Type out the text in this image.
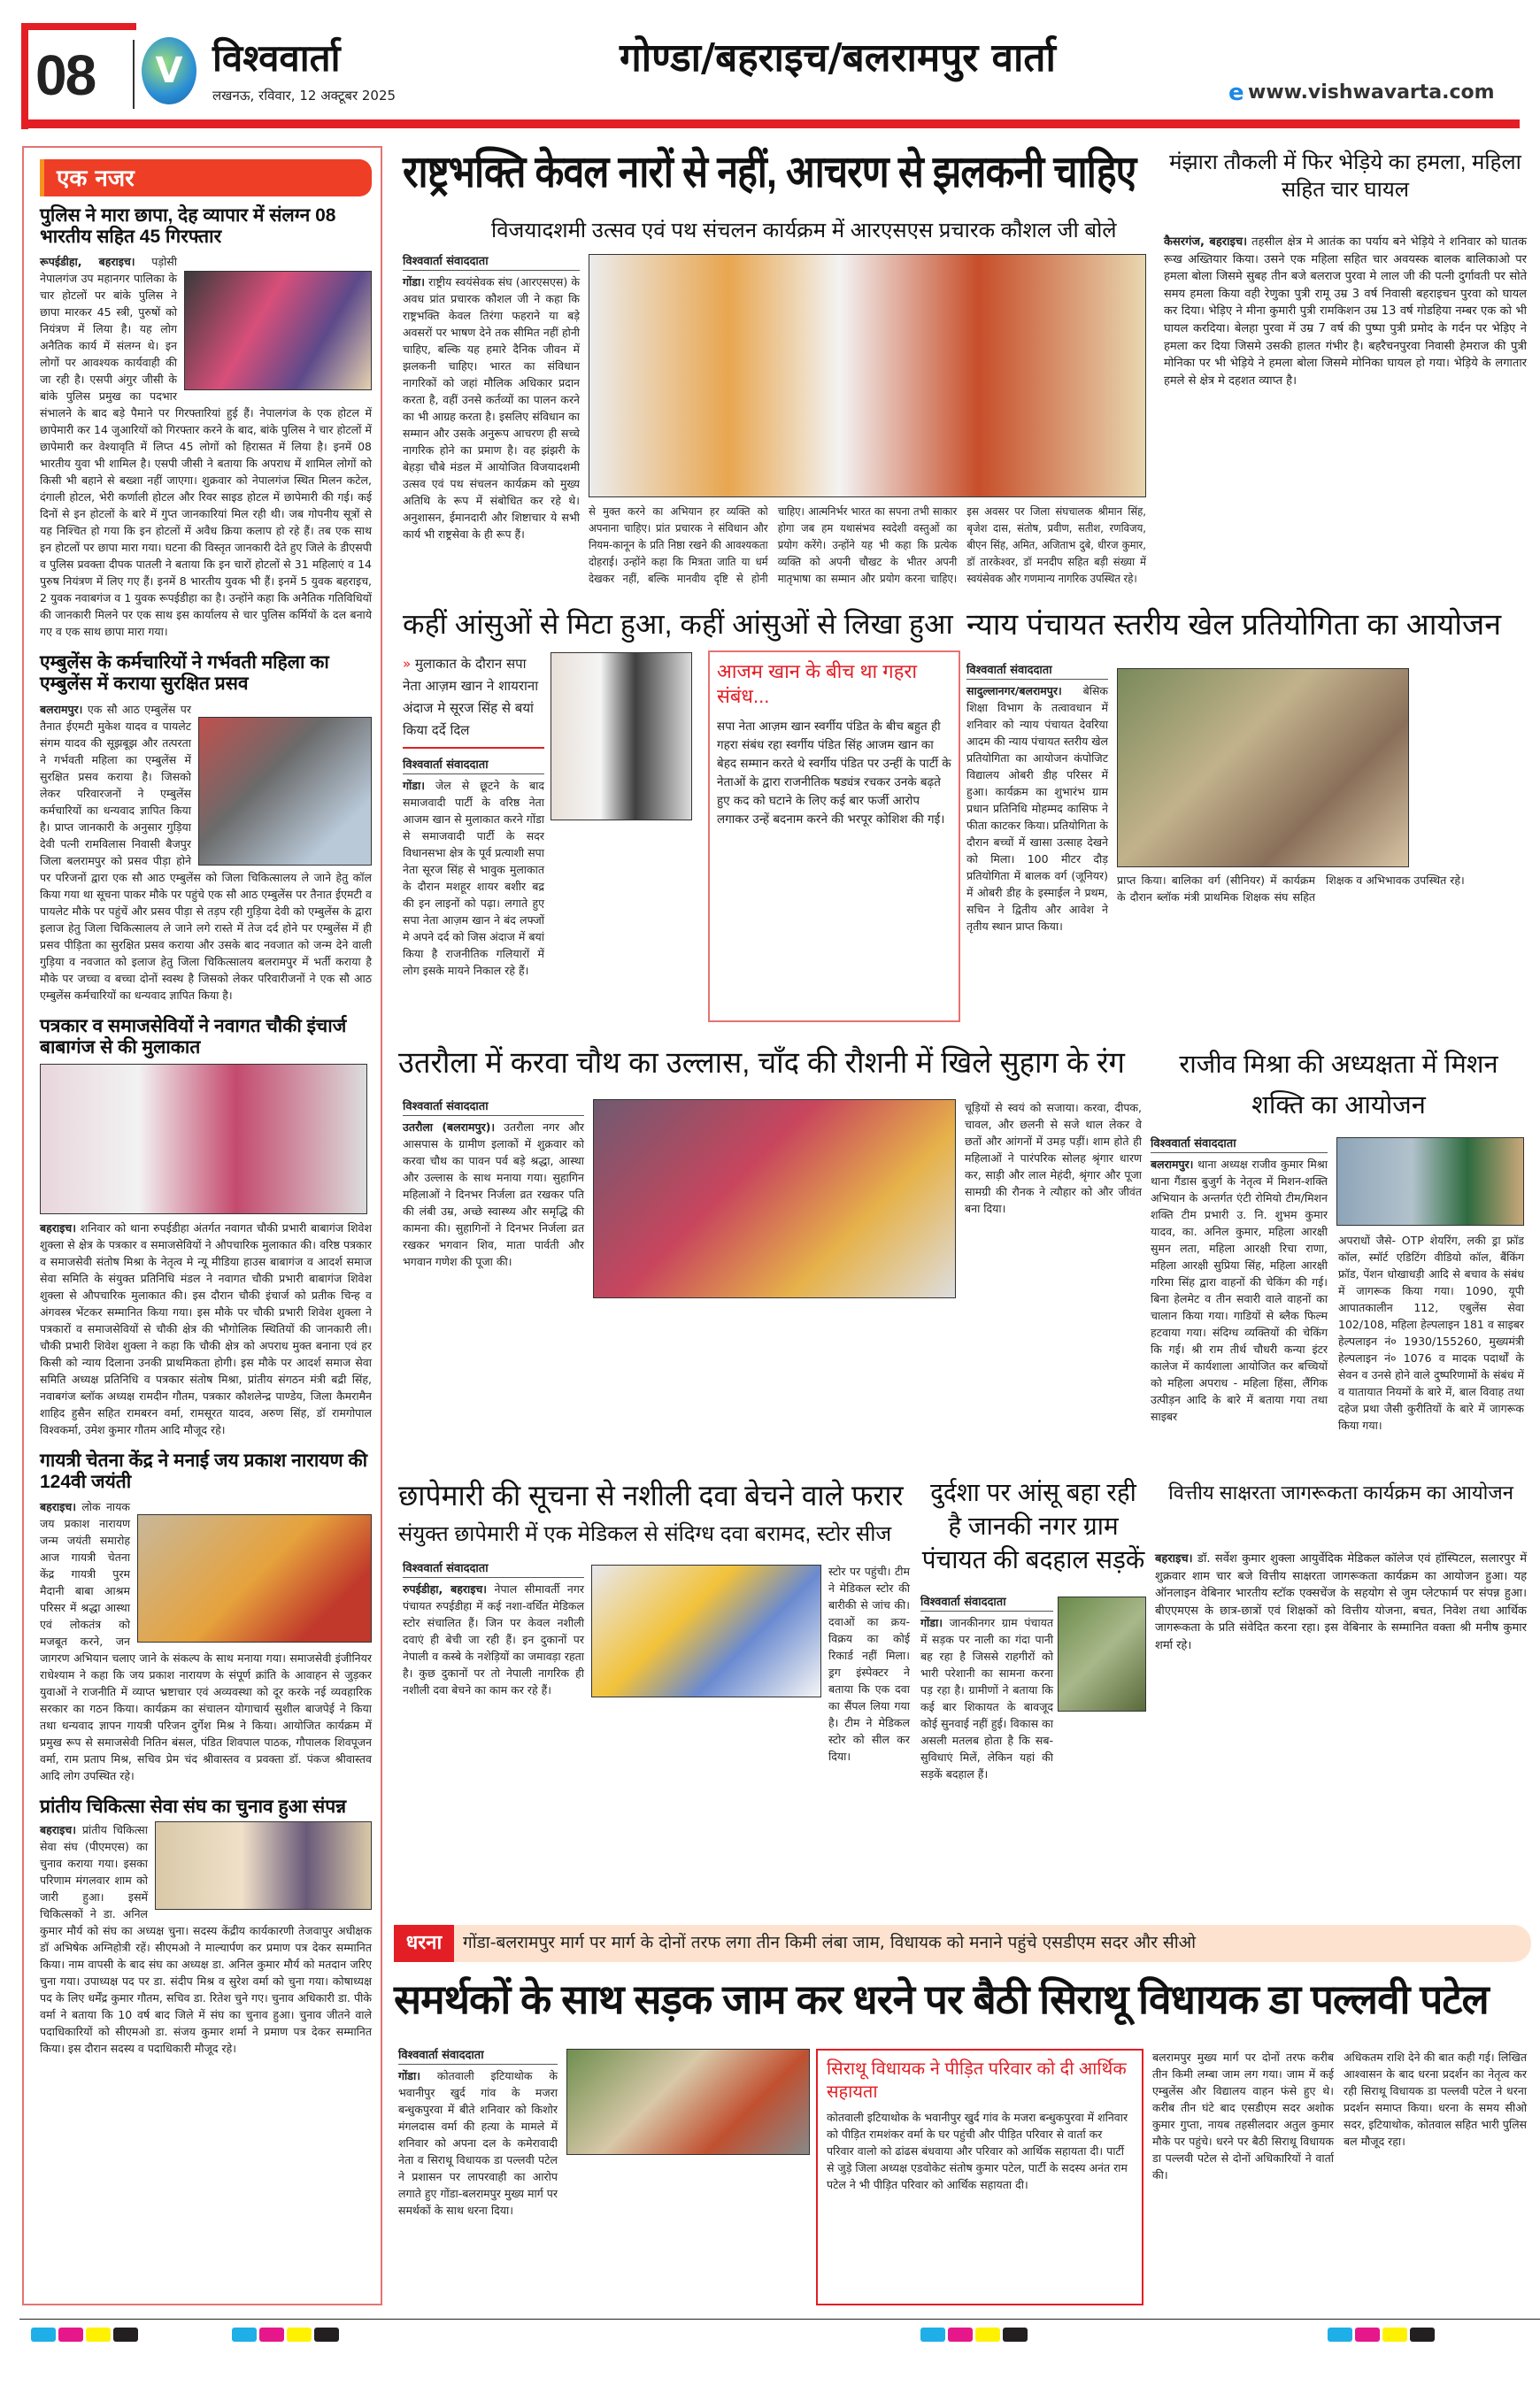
08	V विश्ववार्ता
लखनऊ, रविवार, 12 अक्टूबर 2025
गोण्डा/बहराइच/बलरामपुर वार्ता
e www.vishwavarta.com
एक नजर
पुलिस ने मारा छापा, देह व्यापार में संलग्न 08 भारतीय सहित 45 गिरफ्तार

रूपईडीहा, बहराइच। पड़ोसी नेपालगंज उप महानगर पालिका के चार होटलों पर बांके पुलिस ने छापा मारकर 45 स्त्री, पुरुषों को नियंत्रण में लिया है। यह लोग अनैतिक कार्य में संलग्न थे। इन लोगों पर आवश्यक कार्यवाही की जा रही है। एसपी अंगुर जीसी के बांके पुलिस प्रमुख का पदभार संभालने के बाद बड़े पैमाने पर गिरफ्तारियां हुई हैं। नेपालगंज के एक होटल में छापेमारी कर 14 जुआरियों को गिरफ्तार करने के बाद, बांके पुलिस ने चार होटलों में छापेमारी कर वेश्यावृति में लिप्त 45 लोगों को हिरासत में लिया है। इनमें 08 भारतीय युवा भी शामिल है। एसपी जीसी ने बताया कि अपराध में शामिल लोगों को किसी भी बहाने से बख्शा नहीं जाएगा। शुक्रवार को नेपालगंज स्थित मिलन कटेल, दंगाली होटल, भेरी कर्णाली होटल और रिवर साइड होटल में छापेमारी की गई। कई दिनों से इन होटलों के बारे में गुप्त जानकारियां मिल रही थी। जब गोपनीय सूत्रों से यह निश्चित हो गया कि इन होटलों में अवैध क्रिया कलाप हो रहे हैं। तब एक साथ इन होटलों पर छापा मारा गया। घटना की विस्तृत जानकारी देते हुए जिले के डीएसपी व पुलिस प्रवक्ता दीपक पातली ने बताया कि इन चारों होटलों से 31 महिलाएं व 14 पुरुष नियंत्रण में लिए गए हैं। इनमें 8 भारतीय युवक भी हैं। इनमें 5 युवक बहराइच, 2 युवक नवाबगंज व 1 युवक रूपईडीहा का है। उन्होंने कहा कि अनैतिक गतिविधियों की जानकारी मिलने पर एक साथ इस कार्यालय से चार पुलिस कर्मियों के दल बनाये गए व एक साथ छापा मारा गया।

एम्बुलेंस के कर्मचारियों ने गर्भवती महिला का एम्बुलेंस में कराया सुरक्षित प्रसव

बलरामपुर। एक सौ आठ एम्बुलेंस पर तैनात ईएमटी मुकेश यादव व पायलेट संगम यादव की सूझबूझ और तत्परता ने गर्भवती महिला का एम्बुलेंस में सुरक्षित प्रसव कराया है। जिसको लेकर परिवारजनों ने एम्बुलेंस कर्मचारियों का धन्यवाद ज्ञापित किया है। प्राप्त जानकारी के अनुसार गुड़िया देवी पत्नी रामविलास निवासी बैजपुर जिला बलरामपुर को प्रसव पीड़ा होने पर परिजनों द्वारा एक सौ आठ एम्बुलेंस को जिला चिकित्सालय ले जाने हेतु कॉल किया गया था सूचना पाकर मौके पर पहुंचे एक सौ आठ एम्बुलेंस पर तैनात ईएमटी व पायलेट मौके पर पहुंचें और प्रसव पीड़ा से तड़प रही गुड़िया देवी को एम्बुलेंस के द्वारा इलाज हेतु जिला चिकित्सालय ले जाने लगे रास्ते में तेज दर्द होने पर एम्बुलेंस में ही प्रसव पीड़िता का सुरक्षित प्रसव कराया और उसके बाद नवजात को जन्म देने वाली गुड़िया व नवजात को इलाज हेतु जिला चिकित्सालय बलरामपुर में भर्ती कराया है मौके पर जच्चा व बच्चा दोनों स्वस्थ है जिसको लेकर परिवारीजनों ने एक सौ आठ एम्बुलेंस कर्मचारियों का धन्यवाद ज्ञापित किया है।

पत्रकार व समाजसेवियों ने नवागत चौकी इंचार्ज बाबागंज से की मुलाकात

बहराइच। शनिवार को थाना रुपईडीहा अंतर्गत नवागत चौकी प्रभारी बाबागंज शिवेश शुक्ला से क्षेत्र के पत्रकार व समाजसेवियों ने औपचारिक मुलाकात की। वरिष्ठ पत्रकार व समाजसेवी संतोष मिश्रा के नेतृत्व मे न्यू मीडिया हाउस बाबागंज व आदर्श समाज सेवा समिति के संयुक्त प्रतिनिधि मंडल ने नवागत चौकी प्रभारी बाबागंज शिवेश शुक्ला से औपचारिक मुलाकात की। इस दौरान चौकी इंचार्ज को प्रतीक चिन्ह व अंगवस्त्र भेंटकर सम्मानित किया गया। इस मौके पर चौकी प्रभारी शिवेश शुक्ला ने पत्रकारों व समाजसेवियों से चौकी क्षेत्र की भौगोलिक स्थितियों की जानकारी ली। चौकी प्रभारी शिवेश शुक्ला ने कहा कि चौकी क्षेत्र को अपराध मुक्त बनाना एवं हर किसी को न्याय दिलाना उनकी प्राथमिकता होगी। इस मौके पर आदर्श समाज सेवा समिति अध्यक्ष प्रतिनिधि व पत्रकार संतोष मिश्रा, प्रांतीय संगठन मंत्री बद्री सिंह, नवाबगंज ब्लॉक अध्यक्ष रामदीन गौतम, पत्रकार कौशलेन्द्र पाण्डेय, जिला कैमरामैन शाहिद हुसैन सहित रामबरन वर्मा, रामसूरत यादव, अरुण सिंह, डॉ रामगोपाल विश्वकर्मा, उमेश कुमार गौतम आदि मौजूद रहे।

गायत्री चेतना केंद्र ने मनाई जय प्रकाश नारायण की 124वी जयंती

बहराइच। लोक नायक जय प्रकाश नारायण जन्म जयंती समारोह आज गायत्री चेतना केंद्र गायत्री पुरम मैदानी बाबा आश्रम परिसर में श्रद्धा आस्था एवं लोकतंत्र को मजबूत करने, जन जागरण अभियान चलाए जाने के संकल्प के साथ मनाया गया। समाजसेवी इंजीनियर राधेश्याम ने कहा कि जय प्रकाश नारायण के संपूर्ण क्रांति के आवाहन से जुड़कर युवाओं ने राजनीति में व्याप्त भ्रष्टाचार एवं अव्यवस्था को दूर करके नई व्यवहारिक सरकार का गठन किया। कार्यक्रम का संचालन योगाचार्य सुशील बाजपेई ने किया तथा धन्यवाद ज्ञापन गायत्री परिजन दुर्गेश मिश्र ने किया। आयोजित कार्यक्रम में प्रमुख रूप से समाजसेवी नितिन बंसल, पंडित शिवपाल पाठक, गौपालक शिवपूजन वर्मा, राम प्रताप मिश्र, सचिव प्रेम चंद श्रीवास्तव व प्रवक्ता डॉ. पंकज श्रीवास्तव आदि लोग उपस्थित रहे।

प्रांतीय चिकित्सा सेवा संघ का चुनाव हुआ संपन्न

बहराइच। प्रांतीय चिकित्सा सेवा संघ (पीएमएस) का चुनाव कराया गया। इसका परिणाम मंगलवार शाम को जारी हुआ। इसमें चिकित्सकों ने डा. अनिल कुमार मौर्य को संघ का अध्यक्ष चुना। सदस्य केंद्रीय कार्यकारणी तेजवापुर अधीक्षक डॉ अभिषेक अग्निहोत्री रहें। सीएमओ ने माल्यार्पण कर प्रमाण पत्र देकर सम्मानित किया। नाम वापसी के बाद संघ का अध्यक्ष डा. अनिल कुमार मौर्य को मतदान जरिए चुना गया। उपाध्यक्ष पद पर डा. संदीप मिश्र व सुरेश वर्मा को चुना गया। कोषाध्यक्ष पद के लिए धर्मेंद्र कुमार गौतम, सचिव डा. रितेश चुने गए। चुनाव अधिकारी डा. पीके वर्मा ने बताया कि 10 वर्ष बाद जिले में संघ का चुनाव हुआ। चुनाव जीतने वाले पदाधिकारियों को सीएमओ डा. संजय कुमार शर्मा ने प्रमाण पत्र देकर सम्मानित किया। इस दौरान सदस्य व पदाधिकारी मौजूद रहे।

राष्ट्रभक्ति केवल नारों से नहीं, आचरण से झलकनी चाहिए
विजयादशमी उत्सव एवं पथ संचलन कार्यक्रम में आरएसएस प्रचारक कौशल जी बोले
विश्ववार्ता संवाददाता

गोंडा। राष्ट्रीय स्वयंसेवक संघ (आरएसएस) के अवध प्रांत प्रचारक कौशल जी ने कहा कि राष्ट्रभक्ति केवल तिरंगा फहराने या बड़े अवसरों पर भाषण देने तक सीमित नहीं होनी चाहिए, बल्कि यह हमारे दैनिक जीवन में झलकनी चाहिए। भारत का संविधान नागरिकों को जहां मौलिक अधिकार प्रदान करता है, वहीं उनसे कर्तव्यों का पालन करने का भी आग्रह करता है। इसलिए संविधान का सम्मान और उसके अनुरूप आचरण ही सच्चे नागरिक होने का प्रमाण है। वह झंझरी के बेहड़ा चौबे मंडल में आयोजित विजयादशमी उत्सव एवं पथ संचलन कार्यक्रम को मुख्य अतिथि के रूप में संबोधित कर रहे थे। अनुशासन, ईमानदारी और शिष्टाचार ये सभी कार्य भी राष्ट्रसेवा के ही रूप हैं।

से मुक्त करने का अभियान हर व्यक्ति को अपनाना चाहिए। प्रांत प्रचारक ने संविधान और नियम-कानून के प्रति निष्ठा रखने की आवश्यकता दोहराई। उन्होंने कहा कि मित्रता जाति या धर्म देखकर नहीं, बल्कि मानवीय दृष्टि से होनी चाहिए। आत्मनिर्भर भारत का सपना तभी साकार होगा जब हम यथासंभव स्वदेशी वस्तुओं का प्रयोग करेंगे। उन्होंने यह भी कहा कि प्रत्येक व्यक्ति को अपनी चौखट के भीतर अपनी मातृभाषा का सम्मान और प्रयोग करना चाहिए। इस अवसर पर जिला संघचालक श्रीमान सिंह, बृजेश दास, संतोष, प्रवीण, सतीश, रणविजय, बीएन सिंह, अमित, अजिताभ दुबे, धीरज कुमार, डॉ तारकेश्वर, डॉ मनदीप सहित बड़ी संख्या में स्वयंसेवक और गणमान्य नागरिक उपस्थित रहे।

मंझारा तौकली में फिर भेड़िये का हमला, महिला सहित चार घायल

कैसरगंज, बहराइच। तहसील क्षेत्र मे आतंक का पर्याय बने भेड़िये ने शनिवार को घातक रूख अख्तियार किया। उसने एक महिला सहित चार अवयस्क बालक बालिकाओ पर हमला बोला जिसमे सुबह तीन बजे बलराज पुरवा मे लाल जी की पत्नी दुर्गावती पर सोते समय हमला किया वही रेणुका पुत्री रामू उम्र 3 वर्ष निवासी बहराइचन पुरवा को घायल कर दिया। भेड़िए ने मीना कुमारी पुत्री रामकिशन उम्र 13 वर्ष गोडहिया नम्बर एक को भी घायल करदिया। बेलहा पुरवा में उम्र 7 वर्ष की पुष्पा पुत्री प्रमोद के गर्दन पर भेड़िए ने हमला कर दिया जिसमे उसकी हालत गंभीर है। बहरैचनपुरवा निवासी हेमराज की पुत्री मोनिका पर भी भेड़िये ने हमला बोला जिसमे मोनिका घायल हो गया। भेड़िये के लगातार हमले से क्षेत्र मे दहशत व्याप्त है।

कहीं आंसुओं से मिटा हुआ, कहीं आंसुओं से लिखा हुआ

» मुलाकात के दौरान सपा नेता आज़म खान ने शायराना अंदाज मे सूरज सिंह से बयां किया दर्दे दिल

विश्ववार्ता संवाददाता

गोंडा। जेल से छूटने के बाद समाजवादी पार्टी के वरिष्ठ नेता आजम खान से मुलाकात करने गोंडा से समाजवादी पार्टी के सदर विधानसभा क्षेत्र के पूर्व प्रत्याशी सपा नेता सूरज सिंह से भावुक मुलाकात के दौरान मशहूर शायर बशीर बद्र की इन लाइनों को पढ़ा। लगाते हुए सपा नेता आज़म खान ने बंद लफ्जों मे अपने दर्द को जिस अंदाज में बयां किया है राजनीतिक गलियारों में लोग इसके मायने निकाल रहे हैं।

आजम खान के बीच था गहरा संबंध...

सपा नेता आज़म खान स्वर्गीय पंडित के बीच बहुत ही गहरा संबंध रहा स्वर्गीय पंडित सिंह आजम खान का बेहद सम्मान करते थे स्वर्गीय पंडित पर उन्हीं के पार्टी के नेताओं के द्वारा राजनीतिक षड्यंत्र रचकर उनके बढ़ते हुए कद को घटाने के लिए कई बार फर्जी आरोप लगाकर उन्हें बदनाम करने की भरपूर कोशिश की गई।

न्याय पंचायत स्तरीय खेल प्रतियोगिता का आयोजन
विश्ववार्ता संवाददाता

सादुल्लानगर/बलरामपुर। बेसिक शिक्षा विभाग के तत्वावधान में शनिवार को न्याय पंचायत देवरिया आदम की न्याय पंचायत स्तरीय खेल प्रतियोगिता का आयोजन कंपोजिट विद्यालय ओबरी डीह परिसर में हुआ। कार्यक्रम का शुभारंभ ग्राम प्रधान प्रतिनिधि मोहम्मद कासिफ ने फीता काटकर किया। प्रतियोगिता के दौरान बच्चों में खासा उत्साह देखने को मिला। 100 मीटर दौड़ प्रतियोगिता में बालक वर्ग (जूनियर) में ओबरी डीह के इस्माईल ने प्रथम, सचिन ने द्वितीय और आवेश ने तृतीय स्थान प्राप्त किया।

प्राप्त किया। बालिका वर्ग (सीनियर) में कार्यक्रम के दौरान ब्लॉक मंत्री प्राथमिक शिक्षक संघ सहित शिक्षक व अभिभावक उपस्थित रहे।

उतरौला में करवा चौथ का उल्लास, चाँद की रौशनी में खिले सुहाग के रंग
विश्ववार्ता संवाददाता

उतरौला (बलरामपुर)। उतरौला नगर और आसपास के ग्रामीण इलाकों में शुक्रवार को करवा चौथ का पावन पर्व बड़े श्रद्धा, आस्था और उल्लास के साथ मनाया गया। सुहागिन महिलाओं ने दिनभर निर्जला व्रत रखकर पति की लंबी उम्र, अच्छे स्वास्थ्य और समृद्धि की कामना की। सुहागिनों ने दिनभर निर्जला व्रत रखकर भगवान शिव, माता पार्वती और भगवान गणेश की पूजा की।

चूड़ियों से स्वयं को सजाया। करवा, दीपक, चावल, और छलनी से सजे थाल लेकर वे छतों और आंगनों में उमड़ पड़ीं। शाम होते ही महिलाओं ने पारंपरिक सोलह श्रृंगार धारण कर, साड़ी और लाल मेहंदी, श्रृंगार और पूजा सामग्री की रौनक ने त्यौहार को और जीवंत बना दिया।

राजीव मिश्रा की अध्यक्षता में मिशन शक्ति का आयोजन
विश्ववार्ता संवाददाता

बलरामपुर। थाना अध्यक्ष राजीव कुमार मिश्रा थाना गैंडास बुजुर्ग के नेतृत्व में मिशन-शक्ति अभियान के अन्तर्गत एंटी रोमियो टीम/मिशन शक्ति टीम प्रभारी उ. नि. शुभम कुमार यादव, का. अनिल कुमार, महिला आरक्षी सुमन लता, महिला आरक्षी रिचा राणा, महिला आरक्षी सुप्रिया सिंह, महिला आरक्षी गरिमा सिंह द्वारा वाहनों की चेकिंग की गई। बिना हेलमेट व तीन सवारी वाले वाहनों का चालान किया गया। गाडियों से ब्लैक फिल्म हटवाया गया। संदिग्ध व्यक्तियों की चेकिंग कि गई। श्री राम तीर्थ चौधरी कन्या इंटर कालेज में कार्यशाला आयोजित कर बच्चियों को महिला अपराध - महिला हिंसा, लैंगिक उत्पीड़न आदि के बारे में बताया गया तथा साइबर

अपराधों जैसे- OTP शेयरिंग, लकी ड्रा फ्रॉड कॉल, स्मॉर्ट एडिटिंग वीडियो कॉल, बैंकिंग फ्रॉड, पेंशन धोखाधड़ी आदि से बचाव के संबंध में जागरूक किया गया। 1090, यूपी आपातकालीन 112, एबुलेंस सेवा 102/108, महिला हेल्पलाइन 181 व साइबर हेल्पलाइन नं० 1930/155260, मुख्यमंत्री हेल्पलाइन नं० 1076 व मादक पदार्थों के सेवन व उनसे होने वाले दुष्परिणामों के संबंध में व यातायात नियमों के बारे में, बाल विवाह तथा दहेज प्रथा जैसी कुरीतियों के बारे में जागरूक किया गया।

छापेमारी की सूचना से नशीली दवा बेचने वाले फरार
संयुक्त छापेमारी में एक मेडिकल से संदिग्ध दवा बरामद, स्टोर सीज
विश्ववार्ता संवाददाता

रुपईडीहा, बहराइच। नेपाल सीमावर्ती नगर पंचायत रुपईडीहा में कई नशा-वर्धित मेडिकल स्टोर संचालित हैं। जिन पर केवल नशीली दवाएं ही बेची जा रही हैं। इन दुकानों पर नेपाली व कस्बे के नशेड़ियों का जमावड़ा रहता है। कुछ दुकानों पर तो नेपाली नागरिक ही नशीली दवा बेचने का काम कर रहे हैं।

स्टोर पर पहुंची। टीम ने मेडिकल स्टोर की बारीकी से जांच की। दवाओं का क्रय-विक्रय का कोई रिकार्ड नहीं मिला। ड्रग इंस्पेक्टर ने बताया कि एक दवा का सैंपल लिया गया है। टीम ने मेडिकल स्टोर को सील कर दिया।

दुर्दशा पर आंसू बहा रही है जानकी नगर ग्राम पंचायत की बदहाल सड़कें
विश्ववार्ता संवाददाता

गोंडा। जानकीनगर ग्राम पंचायत में सड़क पर नाली का गंदा पानी बह रहा है जिससे राहगीरों को भारी परेशानी का सामना करना पड़ रहा है। ग्रामीणों ने बताया कि कई बार शिकायत के बावजूद कोई सुनवाई नहीं हुई। विकास का असली मतलब होता है कि सब-सुविधाएं मिलें, लेकिन यहां की सड़कें बदहाल हैं।

वित्तीय साक्षरता जागरूकता कार्यक्रम का आयोजन

बहराइच। डॉ. सर्वेश कुमार शुक्ला आयुर्वेदिक मेडिकल कॉलेज एवं हॉस्पिटल, सलारपुर में शुक्रवार शाम चार बजे वित्तीय साक्षरता जागरूकता कार्यक्रम का आयोजन हुआ। यह ऑनलाइन वेबिनार भारतीय स्टॉक एक्सचेंज के सहयोग से जुम प्लेटफार्म पर संपन्न हुआ। बीएएमएस के छात्र-छात्रों एवं शिक्षकों को वित्तीय योजना, बचत, निवेश तथा आर्थिक जागरूकता के प्रति संवेदित करना रहा। इस वेबिनार के सम्मानित वक्ता श्री मनीष कुमार शर्मा रहे।

धरना	गोंडा-बलरामपुर मार्ग पर मार्ग के दोनों तरफ लगा तीन किमी लंबा जाम, विधायक को मनाने पहुंचे एसडीएम सदर और सीओ
समर्थकों के साथ सड़क जाम कर धरने पर बैठी सिराथू विधायक डा पल्लवी पटेल
विश्ववार्ता संवाददाता

गोंडा। कोतवाली इटियाथोक के भवानीपुर खुर्द गांव के मजरा बन्धुकपुरवा में बीते शनिवार को किशोर मंगलदास वर्मा की हत्या के मामले में शनिवार को अपना दल के कमेरावादी नेता व सिराथू विधायक डा पल्लवी पटेल ने प्रशासन पर लापरवाही का आरोप लगाते हुए गोंडा-बलरामपुर मुख्य मार्ग पर समर्थकों के साथ धरना दिया।

सिराथू विधायक ने पीड़ित परिवार को दी आर्थिक सहायता

कोतवाली इटियाथोक के भवानीपुर खुर्द गांव के मजरा बन्धुकपुरवा में शनिवार को पीड़ित रामशंकर वर्मा के घर पहुंची और पीड़ित परिवार से वार्ता कर परिवार वालो को ढांढस बंधवाया और परिवार को आर्थिक सहायता दी। पार्टी से जुड़े जिला अध्यक्ष एडवोकेट संतोष कुमार पटेल, पार्टी के सदस्य अनंत राम पटेल ने भी पीड़ित परिवार को आर्थिक सहायता दी।

बलरामपुर मुख्य मार्ग पर दोनों तरफ करीब तीन किमी लम्बा जाम लग गया। जाम में कई एम्बुलेंस और विद्यालय वाहन फंसे हुए थे। करीब तीन घंटे बाद एसडीएम सदर अशोक कुमार गुप्ता, नायब तहसीलदार अतुल कुमार मौके पर पहुंचे। धरने पर बैठी सिराथू विधायक डा पल्लवी पटेल से दोनों अधिकारियों ने वार्ता की।

अधिकतम राशि देने की बात कही गई। लिखित आश्वासन के बाद धरना प्रदर्शन का नेतृत्व कर रही सिराथू विधायक डा पल्लवी पटेल ने धरना प्रदर्शन समाप्त किया। धरना के समय सीओ सदर, इटियाथोक, कोतवाल सहित भारी पुलिस बल मौजूद रहा।
